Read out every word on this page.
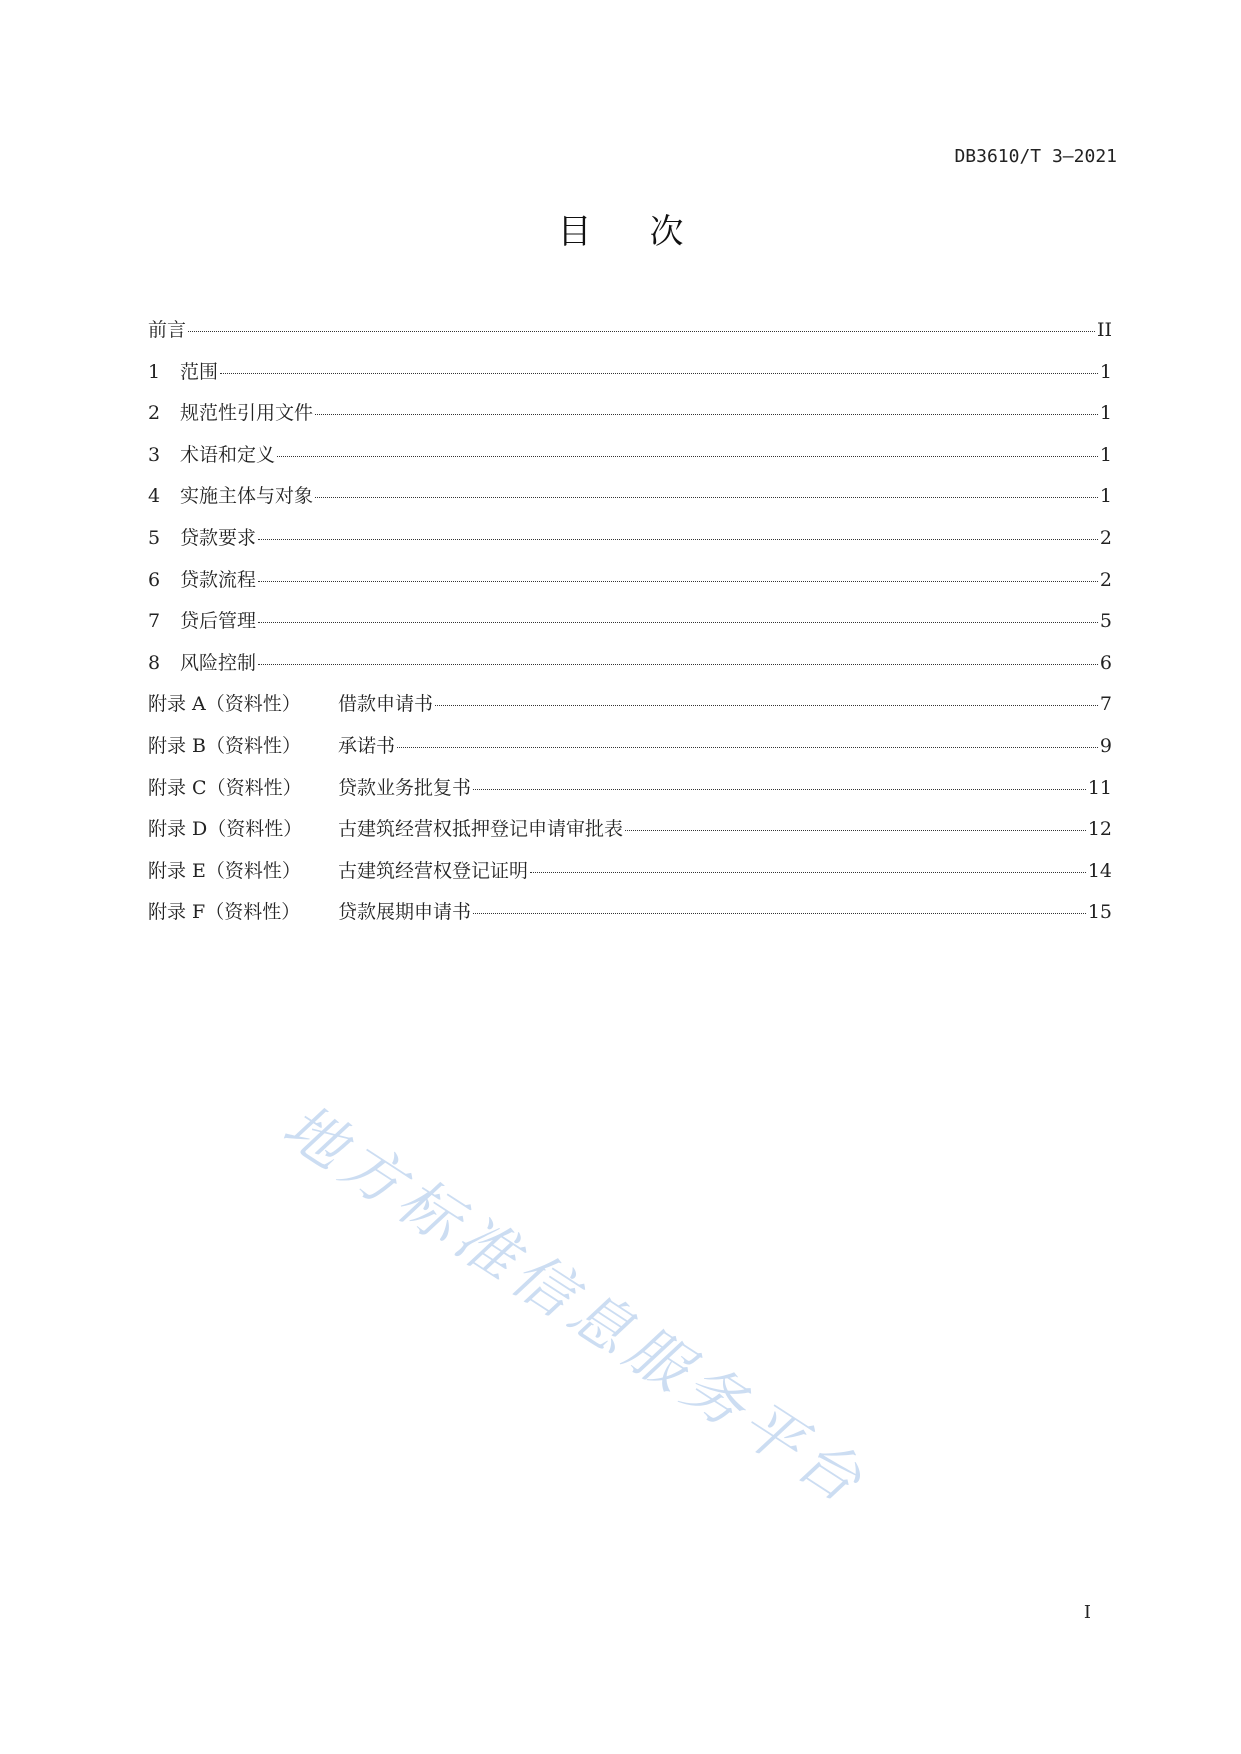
DB3610/T 3—2021
目次
前言	II
1	范围	1
2	规范性引用文件	1
3	术语和定义	1
4	实施主体与对象	1
5	贷款要求	2
6	贷款流程	2
7	贷后管理	5
8	风险控制	6
附录 A（资料性）	借款申请书	7
附录 B（资料性）	承诺书	9
附录 C（资料性）	贷款业务批复书	11
附录 D（资料性）	古建筑经营权抵押登记申请审批表	12
附录 E（资料性）	古建筑经营权登记证明	14
附录 F（资料性）	贷款展期申请书	15
地方标准信息服务平台
I
